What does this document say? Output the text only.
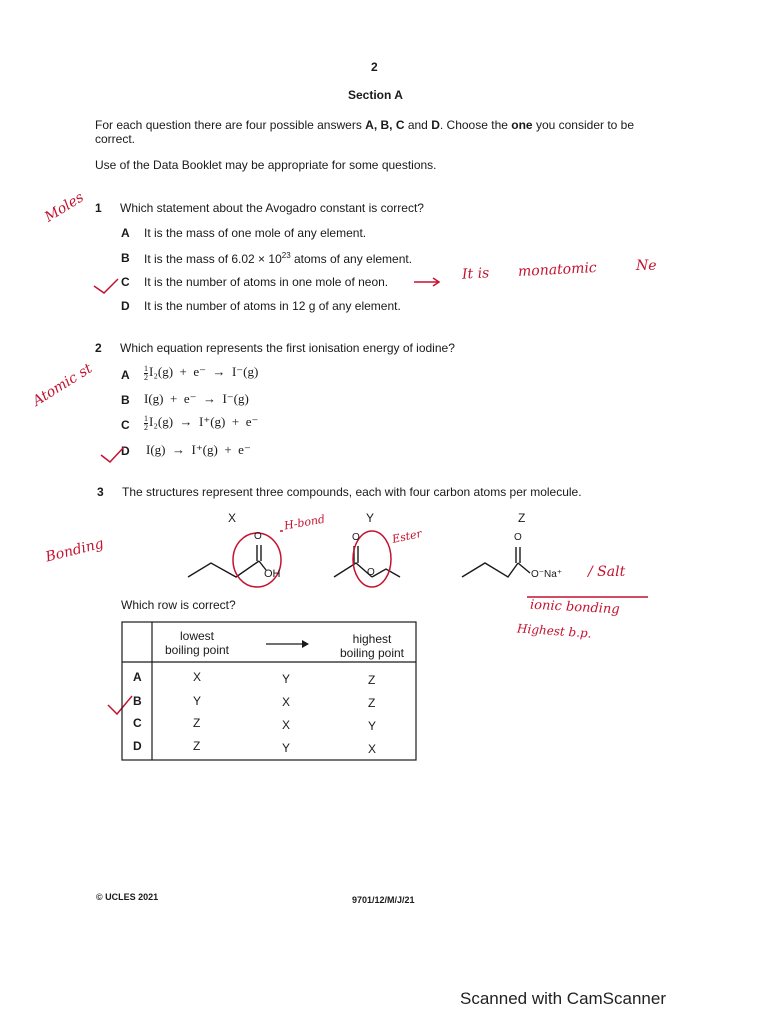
2
Section A
For each question there are four possible answers A, B, C and D. Choose the one you consider to be correct.
Use of the Data Booklet may be appropriate for some questions.
1 Which statement about the Avogadro constant is correct?
A It is the mass of one mole of any element.
B It is the mass of $6.02 \times 10^{23}$ atoms of any element.
C It is the number of atoms in one mole of neon.
D It is the number of atoms in 12 g of any element.
2 Which equation represents the first ionisation energy of iodine?
A $\frac{1}{2} I_2(g) + e^- \to I^-(g)$
B I(g)  +  e⁻  →  I⁻(g)
C $\frac{1}{2} I_2(g) \to I^+(g) + e^-$
D I(g)  →  I⁺(g)  +  e⁻
3 The structures represent three compounds, each with four carbon atoms per molecule.
X	Y	Z
O
OH
O
O
O
O⁻Na⁺
Which row is correct?
lowest
boiling point
highest
boiling point
A	X	Y	Z
B	Y	X	Z
C	Z	X	Y
D	Z	Y	X
Moles
Atomic st
Bonding
It is monatomic	Ne
H-bond
Ester
/ Salt
ionic bonding
Highest b.p.
© UCLES 2021	9701/12/M/J/21
Scanned with CamScanner
